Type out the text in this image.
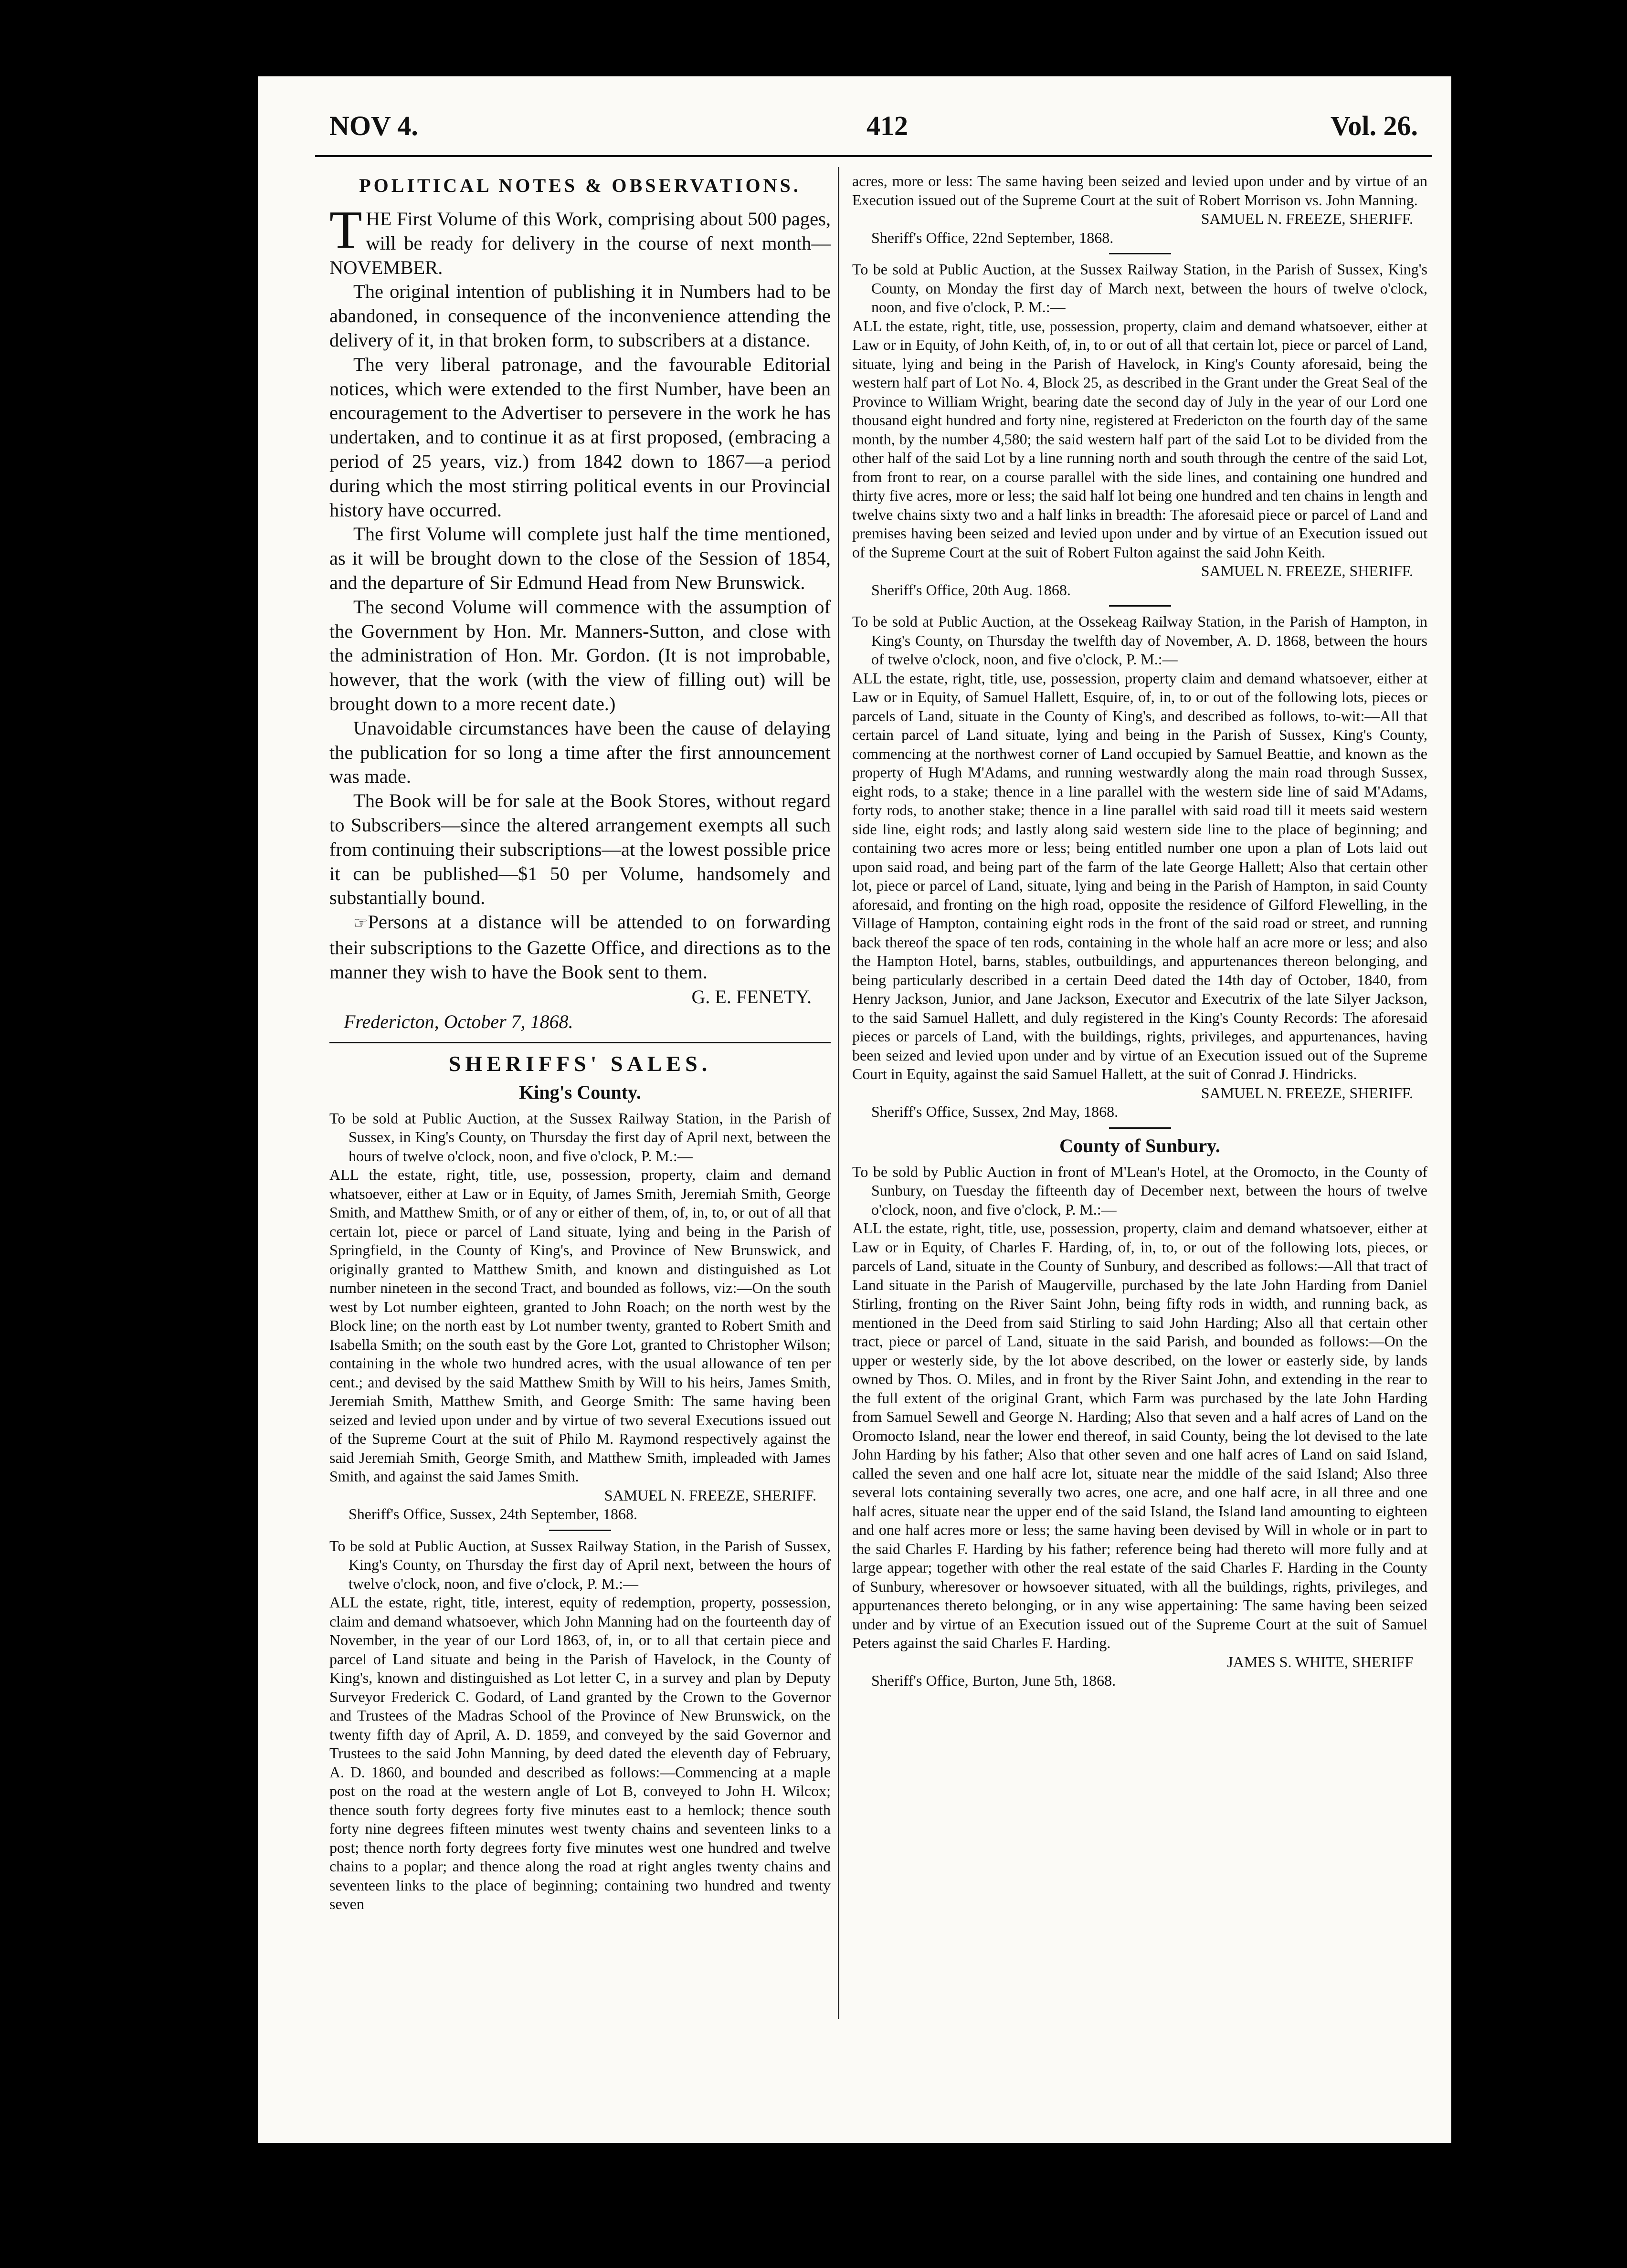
NOV 4.	412	Vol. 26.
POLITICAL NOTES & OBSERVATIONS.

THE First Volume of this Work, comprising about 500 pages, will be ready for delivery in the course of next month—NOVEMBER.

The original intention of publishing it in Numbers had to be abandoned, in consequence of the inconvenience attending the delivery of it, in that broken form, to subscribers at a distance.

The very liberal patronage, and the favourable Editorial notices, which were extended to the first Number, have been an encouragement to the Advertiser to persevere in the work he has undertaken, and to continue it as at first proposed, (embracing a period of 25 years, viz.) from 1842 down to 1867—a period during which the most stirring political events in our Provincial history have occurred.

The first Volume will complete just half the time mentioned, as it will be brought down to the close of the Session of 1854, and the departure of Sir Edmund Head from New Brunswick.

The second Volume will commence with the assumption of the Government by Hon. Mr. Manners-Sutton, and close with the administration of Hon. Mr. Gordon. (It is not improbable, however, that the work (with the view of filling out) will be brought down to a more recent date.)

Unavoidable circumstances have been the cause of delaying the publication for so long a time after the first announcement was made.

The Book will be for sale at the Book Stores, without regard to Subscribers—since the altered arrangement exempts all such from continuing their subscriptions—at the lowest possible price it can be published—$1 50 per Volume, handsomely and substantially bound.

☞Persons at a distance will be attended to on forwarding their subscriptions to the Gazette Office, and directions as to the manner they wish to have the Book sent to them.

G. E. FENETY.

Fredericton, October 7, 1868.

SHERIFFS' SALES.
King's County.

To be sold at Public Auction, at the Sussex Railway Station, in the Parish of Sussex, in King's County, on Thursday the first day of April next, between the hours of twelve o'clock, noon, and five o'clock, P. M.:—

ALL the estate, right, title, use, possession, property, claim and demand whatsoever, either at Law or in Equity, of James Smith, Jeremiah Smith, George Smith, and Matthew Smith, or of any or either of them, of, in, to, or out of all that certain lot, piece or parcel of Land situate, lying and being in the Parish of Springfield, in the County of King's, and Province of New Brunswick, and originally granted to Matthew Smith, and known and distinguished as Lot number nineteen in the second Tract, and bounded as follows, viz:—On the south west by Lot number eighteen, granted to John Roach; on the north west by the Block line; on the north east by Lot number twenty, granted to Robert Smith and Isabella Smith; on the south east by the Gore Lot, granted to Christopher Wilson; containing in the whole two hundred acres, with the usual allowance of ten per cent.; and devised by the said Matthew Smith by Will to his heirs, James Smith, Jeremiah Smith, Matthew Smith, and George Smith: The same having been seized and levied upon under and by virtue of two several Executions issued out of the Supreme Court at the suit of Philo M. Raymond respectively against the said Jeremiah Smith, George Smith, and Matthew Smith, impleaded with James Smith, and against the said James Smith.

SAMUEL N. FREEZE, SHERIFF.

Sheriff's Office, Sussex, 24th September, 1868.

To be sold at Public Auction, at Sussex Railway Station, in the Parish of Sussex, King's County, on Thursday the first day of April next, between the hours of twelve o'clock, noon, and five o'clock, P. M.:—

ALL the estate, right, title, interest, equity of redemption, property, possession, claim and demand whatsoever, which John Manning had on the fourteenth day of November, in the year of our Lord 1863, of, in, or to all that certain piece and parcel of Land situate and being in the Parish of Havelock, in the County of King's, known and distinguished as Lot letter C, in a survey and plan by Deputy Surveyor Frederick C. Godard, of Land granted by the Crown to the Governor and Trustees of the Madras School of the Province of New Brunswick, on the twenty fifth day of April, A. D. 1859, and conveyed by the said Governor and Trustees to the said John Manning, by deed dated the eleventh day of February, A. D. 1860, and bounded and described as follows:—Commencing at a maple post on the road at the western angle of Lot B, conveyed to John H. Wilcox; thence south forty degrees forty five minutes east to a hemlock; thence south forty nine degrees fifteen minutes west twenty chains and seventeen links to a post; thence north forty degrees forty five minutes west one hundred and twelve chains to a poplar; and thence along the road at right angles twenty chains and seventeen links to the place of beginning; containing two hundred and twenty seven

acres, more or less: The same having been seized and levied upon under and by virtue of an Execution issued out of the Supreme Court at the suit of Robert Morrison vs. John Manning.

SAMUEL N. FREEZE, SHERIFF.

Sheriff's Office, 22nd September, 1868.

To be sold at Public Auction, at the Sussex Railway Station, in the Parish of Sussex, King's County, on Monday the first day of March next, between the hours of twelve o'clock, noon, and five o'clock, P. M.:—

ALL the estate, right, title, use, possession, property, claim and demand whatsoever, either at Law or in Equity, of John Keith, of, in, to or out of all that certain lot, piece or parcel of Land, situate, lying and being in the Parish of Havelock, in King's County aforesaid, being the western half part of Lot No. 4, Block 25, as described in the Grant under the Great Seal of the Province to William Wright, bearing date the second day of July in the year of our Lord one thousand eight hundred and forty nine, registered at Fredericton on the fourth day of the same month, by the number 4,580; the said western half part of the said Lot to be divided from the other half of the said Lot by a line running north and south through the centre of the said Lot, from front to rear, on a course parallel with the side lines, and containing one hundred and thirty five acres, more or less; the said half lot being one hundred and ten chains in length and twelve chains sixty two and a half links in breadth: The aforesaid piece or parcel of Land and premises having been seized and levied upon under and by virtue of an Execution issued out of the Supreme Court at the suit of Robert Fulton against the said John Keith.

SAMUEL N. FREEZE, SHERIFF.

Sheriff's Office, 20th Aug. 1868.

To be sold at Public Auction, at the Ossekeag Railway Station, in the Parish of Hampton, in King's County, on Thursday the twelfth day of November, A. D. 1868, between the hours of twelve o'clock, noon, and five o'clock, P. M.:—

ALL the estate, right, title, use, possession, property claim and demand whatsoever, either at Law or in Equity, of Samuel Hallett, Esquire, of, in, to or out of the following lots, pieces or parcels of Land, situate in the County of King's, and described as follows, to-wit:—All that certain parcel of Land situate, lying and being in the Parish of Sussex, King's County, commencing at the northwest corner of Land occupied by Samuel Beattie, and known as the property of Hugh M'Adams, and running westwardly along the main road through Sussex, eight rods, to a stake; thence in a line parallel with the western side line of said M'Adams, forty rods, to another stake; thence in a line parallel with said road till it meets said western side line, eight rods; and lastly along said western side line to the place of beginning; and containing two acres more or less; being entitled number one upon a plan of Lots laid out upon said road, and being part of the farm of the late George Hallett; Also that certain other lot, piece or parcel of Land, situate, lying and being in the Parish of Hampton, in said County aforesaid, and fronting on the high road, opposite the residence of Gilford Flewelling, in the Village of Hampton, containing eight rods in the front of the said road or street, and running back thereof the space of ten rods, containing in the whole half an acre more or less; and also the Hampton Hotel, barns, stables, outbuildings, and appurtenances thereon belonging, and being particularly described in a certain Deed dated the 14th day of October, 1840, from Henry Jackson, Junior, and Jane Jackson, Executor and Executrix of the late Silyer Jackson, to the said Samuel Hallett, and duly registered in the King's County Records: The aforesaid pieces or parcels of Land, with the buildings, rights, privileges, and appurtenances, having been seized and levied upon under and by virtue of an Execution issued out of the Supreme Court in Equity, against the said Samuel Hallett, at the suit of Conrad J. Hindricks.

SAMUEL N. FREEZE, SHERIFF.

Sheriff's Office, Sussex, 2nd May, 1868.

County of Sunbury.

To be sold by Public Auction in front of M'Lean's Hotel, at the Oromocto, in the County of Sunbury, on Tuesday the fifteenth day of December next, between the hours of twelve o'clock, noon, and five o'clock, P. M.:—

ALL the estate, right, title, use, possession, property, claim and demand whatsoever, either at Law or in Equity, of Charles F. Harding, of, in, to, or out of the following lots, pieces, or parcels of Land, situate in the County of Sunbury, and described as follows:—All that tract of Land situate in the Parish of Maugerville, purchased by the late John Harding from Daniel Stirling, fronting on the River Saint John, being fifty rods in width, and running back, as mentioned in the Deed from said Stirling to said John Harding; Also all that certain other tract, piece or parcel of Land, situate in the said Parish, and bounded as follows:—On the upper or westerly side, by the lot above described, on the lower or easterly side, by lands owned by Thos. O. Miles, and in front by the River Saint John, and extending in the rear to the full extent of the original Grant, which Farm was purchased by the late John Harding from Samuel Sewell and George N. Harding; Also that seven and a half acres of Land on the Oromocto Island, near the lower end thereof, in said County, being the lot devised to the late John Harding by his father; Also that other seven and one half acres of Land on said Island, called the seven and one half acre lot, situate near the middle of the said Island; Also three several lots containing severally two acres, one acre, and one half acre, in all three and one half acres, situate near the upper end of the said Island, the Island land amounting to eighteen and one half acres more or less; the same having been devised by Will in whole or in part to the said Charles F. Harding by his father; reference being had thereto will more fully and at large appear; together with other the real estate of the said Charles F. Harding in the County of Sunbury, wheresover or howsoever situated, with all the buildings, rights, privileges, and appurtenances thereto belonging, or in any wise appertaining: The same having been seized under and by virtue of an Execution issued out of the Supreme Court at the suit of Samuel Peters against the said Charles F. Harding.

JAMES S. WHITE, SHERIFF

Sheriff's Office, Burton, June 5th, 1868.
